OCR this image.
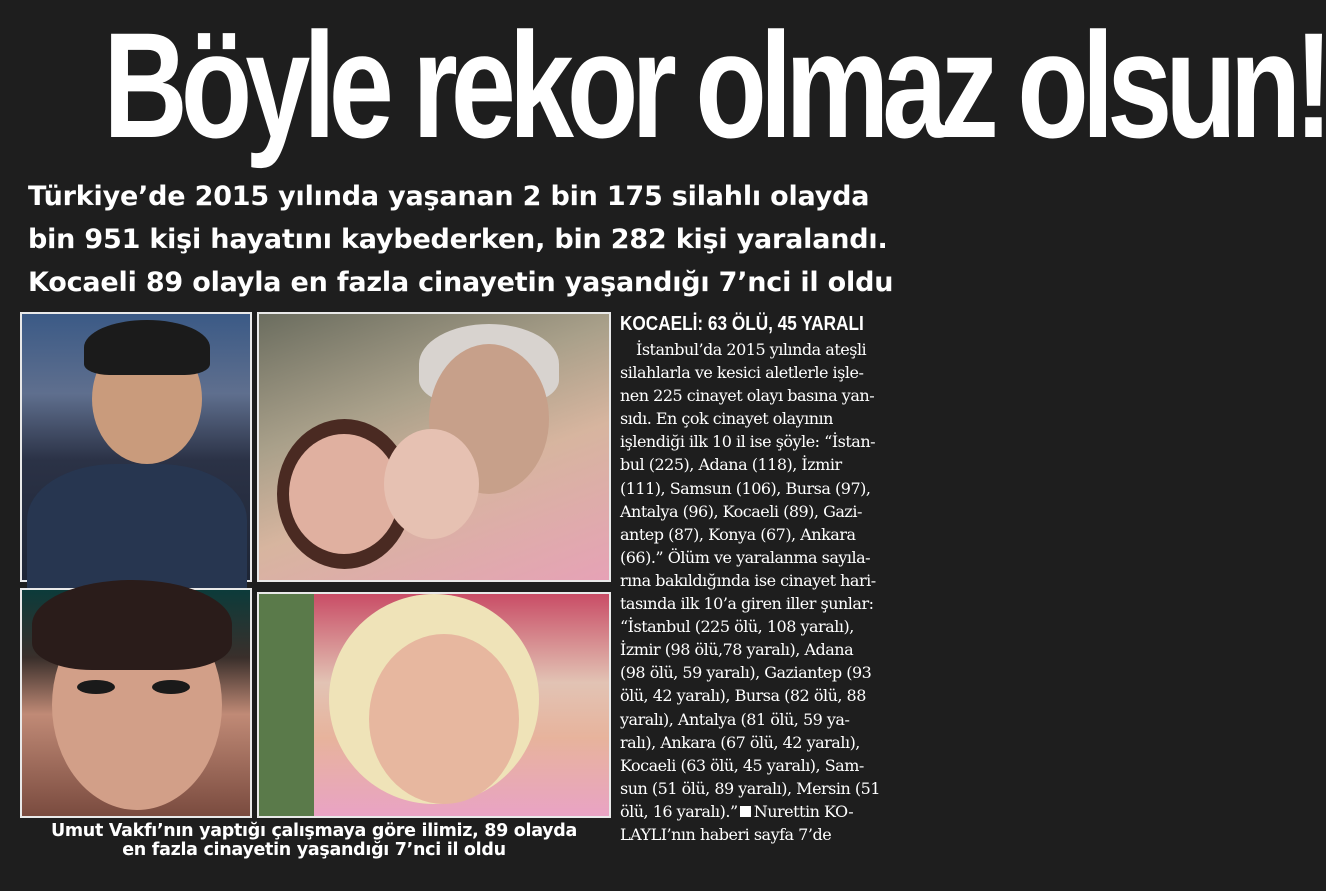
Böyle rekor olmaz olsun!
Türkiye’de 2015 yılında yaşanan 2 bin 175 silahlı olayda
bin 951 kişi hayatını kaybederken, bin 282 kişi yaralandı.
Kocaeli 89 olayla en fazla cinayetin yaşandığı 7’nci il oldu
Umut Vakfı’nın yaptığı çalışmaya göre ilimiz, 89 olayda
en fazla cinayetin yaşandığı 7’nci il oldu
KOCAELİ: 63 ÖLÜ, 45 YARALI
İstanbul’da 2015 yılında ateşli
silahlarla ve kesici aletlerle işle-
nen 225 cinayet olayı basına yan-
sıdı. En çok cinayet olayının
işlendiği ilk 10 il ise şöyle: “İstan-
bul (225), Adana (118), İzmir
(111), Samsun (106), Bursa (97),
Antalya (96), Kocaeli (89), Gazi-
antep (87), Konya (67), Ankara
(66).” Ölüm ve yaralanma sayıla-
rına bakıldığında ise cinayet hari-
tasında ilk 10’a giren iller şunlar:
“İstanbul (225 ölü, 108 yaralı),
İzmir (98 ölü,78 yaralı), Adana
(98 ölü, 59 yaralı), Gaziantep (93
ölü, 42 yaralı), Bursa (82 ölü, 88
yaralı), Antalya (81 ölü, 59 ya-
ralı), Ankara (67 ölü, 42 yaralı),
Kocaeli (63 ölü, 45 yaralı), Sam-
sun (51 ölü, 89 yaralı), Mersin (51
ölü, 16 yaralı).” Nurettin KO-
LAYLI’nın haberi sayfa 7’de
